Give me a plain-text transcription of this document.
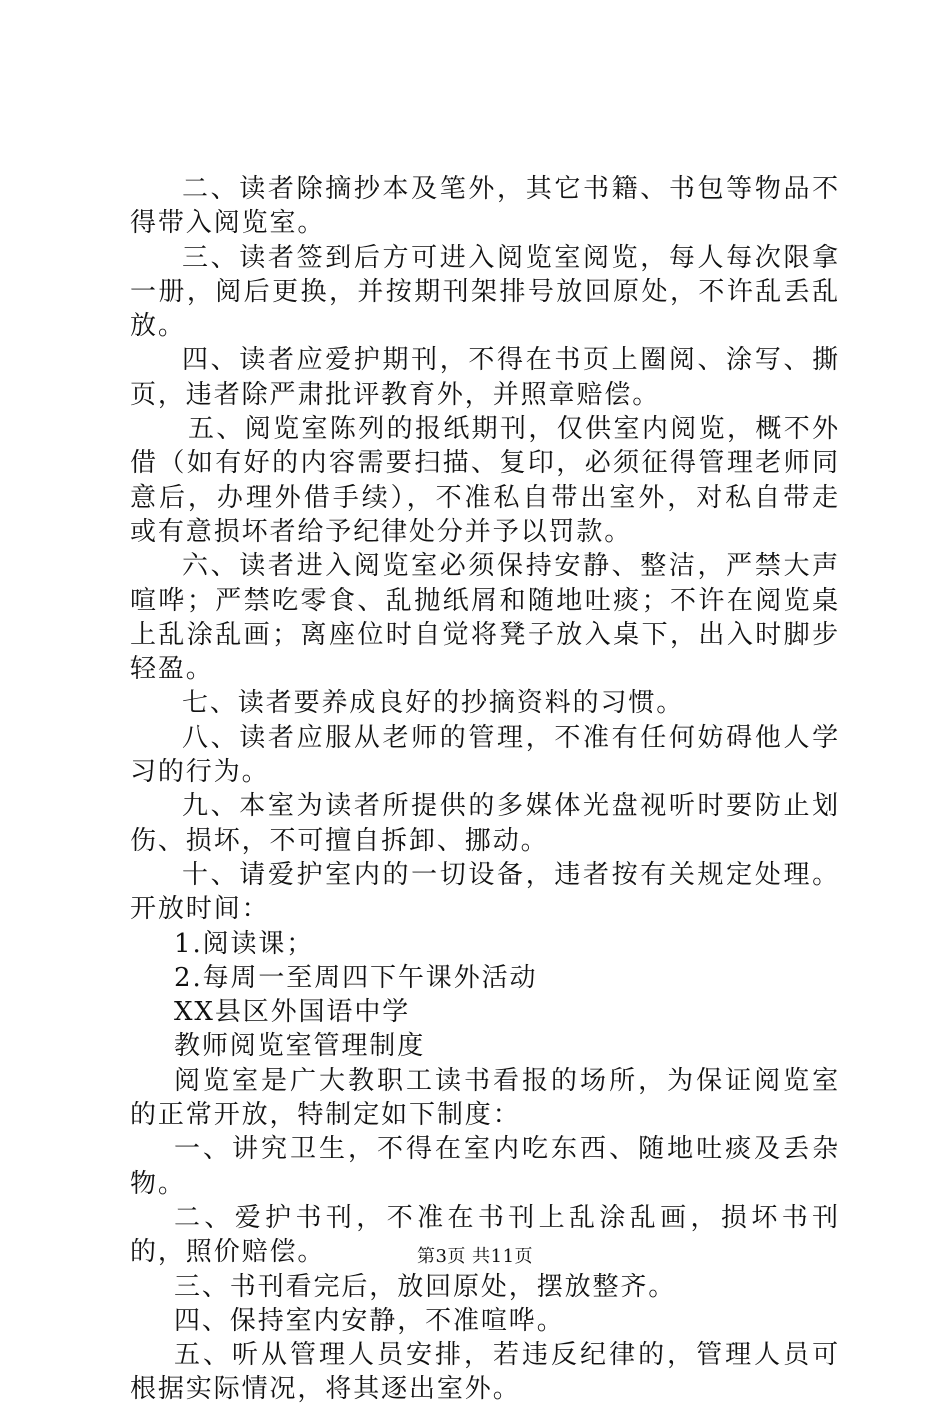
二、读者除摘抄本及笔外，其它书籍、书包等物品不得带入阅览室。

三、读者签到后方可进入阅览室阅览，每人每次限拿一册，阅后更换，并按期刊架排号放回原处，不许乱丢乱放。

四、读者应爱护期刊，不得在书页上圈阅、涂写、撕页，违者除严肃批评教育外，并照章赔偿。

五、阅览室陈列的报纸期刊，仅供室内阅览，概不外借（如有好的内容需要扫描、复印，必须征得管理老师同意后，办理外借手续），不准私自带出室外，对私自带走或有意损坏者给予纪律处分并予以罚款。

六、读者进入阅览室必须保持安静、整洁，严禁大声喧哗；严禁吃零食、乱抛纸屑和随地吐痰；不许在阅览桌上乱涂乱画；离座位时自觉将凳子放入桌下，出入时脚步轻盈。

七、读者要养成良好的抄摘资料的习惯。

八、读者应服从老师的管理，不准有任何妨碍他人学习的行为。

九、本室为读者所提供的多媒体光盘视听时要防止划伤、损坏，不可擅自拆卸、挪动。

十、请爱护室内的一切设备，违者按有关规定处理。开放时间：

1.阅读课；

2.每周一至周四下午课外活动

XX县区外国语中学

教师阅览室管理制度

阅览室是广大教职工读书看报的场所，为保证阅览室的正常开放，特制定如下制度：

一、讲究卫生，不得在室内吃东西、随地吐痰及丢杂物。

二、爱护书刊，不准在书刊上乱涂乱画，损坏书刊的，照价赔偿。

三、书刊看完后，放回原处，摆放整齐。

四、保持室内安静，不准喧哗。

五、听从管理人员安排，若违反纪律的，管理人员可根据实际情况，将其逐出室外。

第3页 共11页
